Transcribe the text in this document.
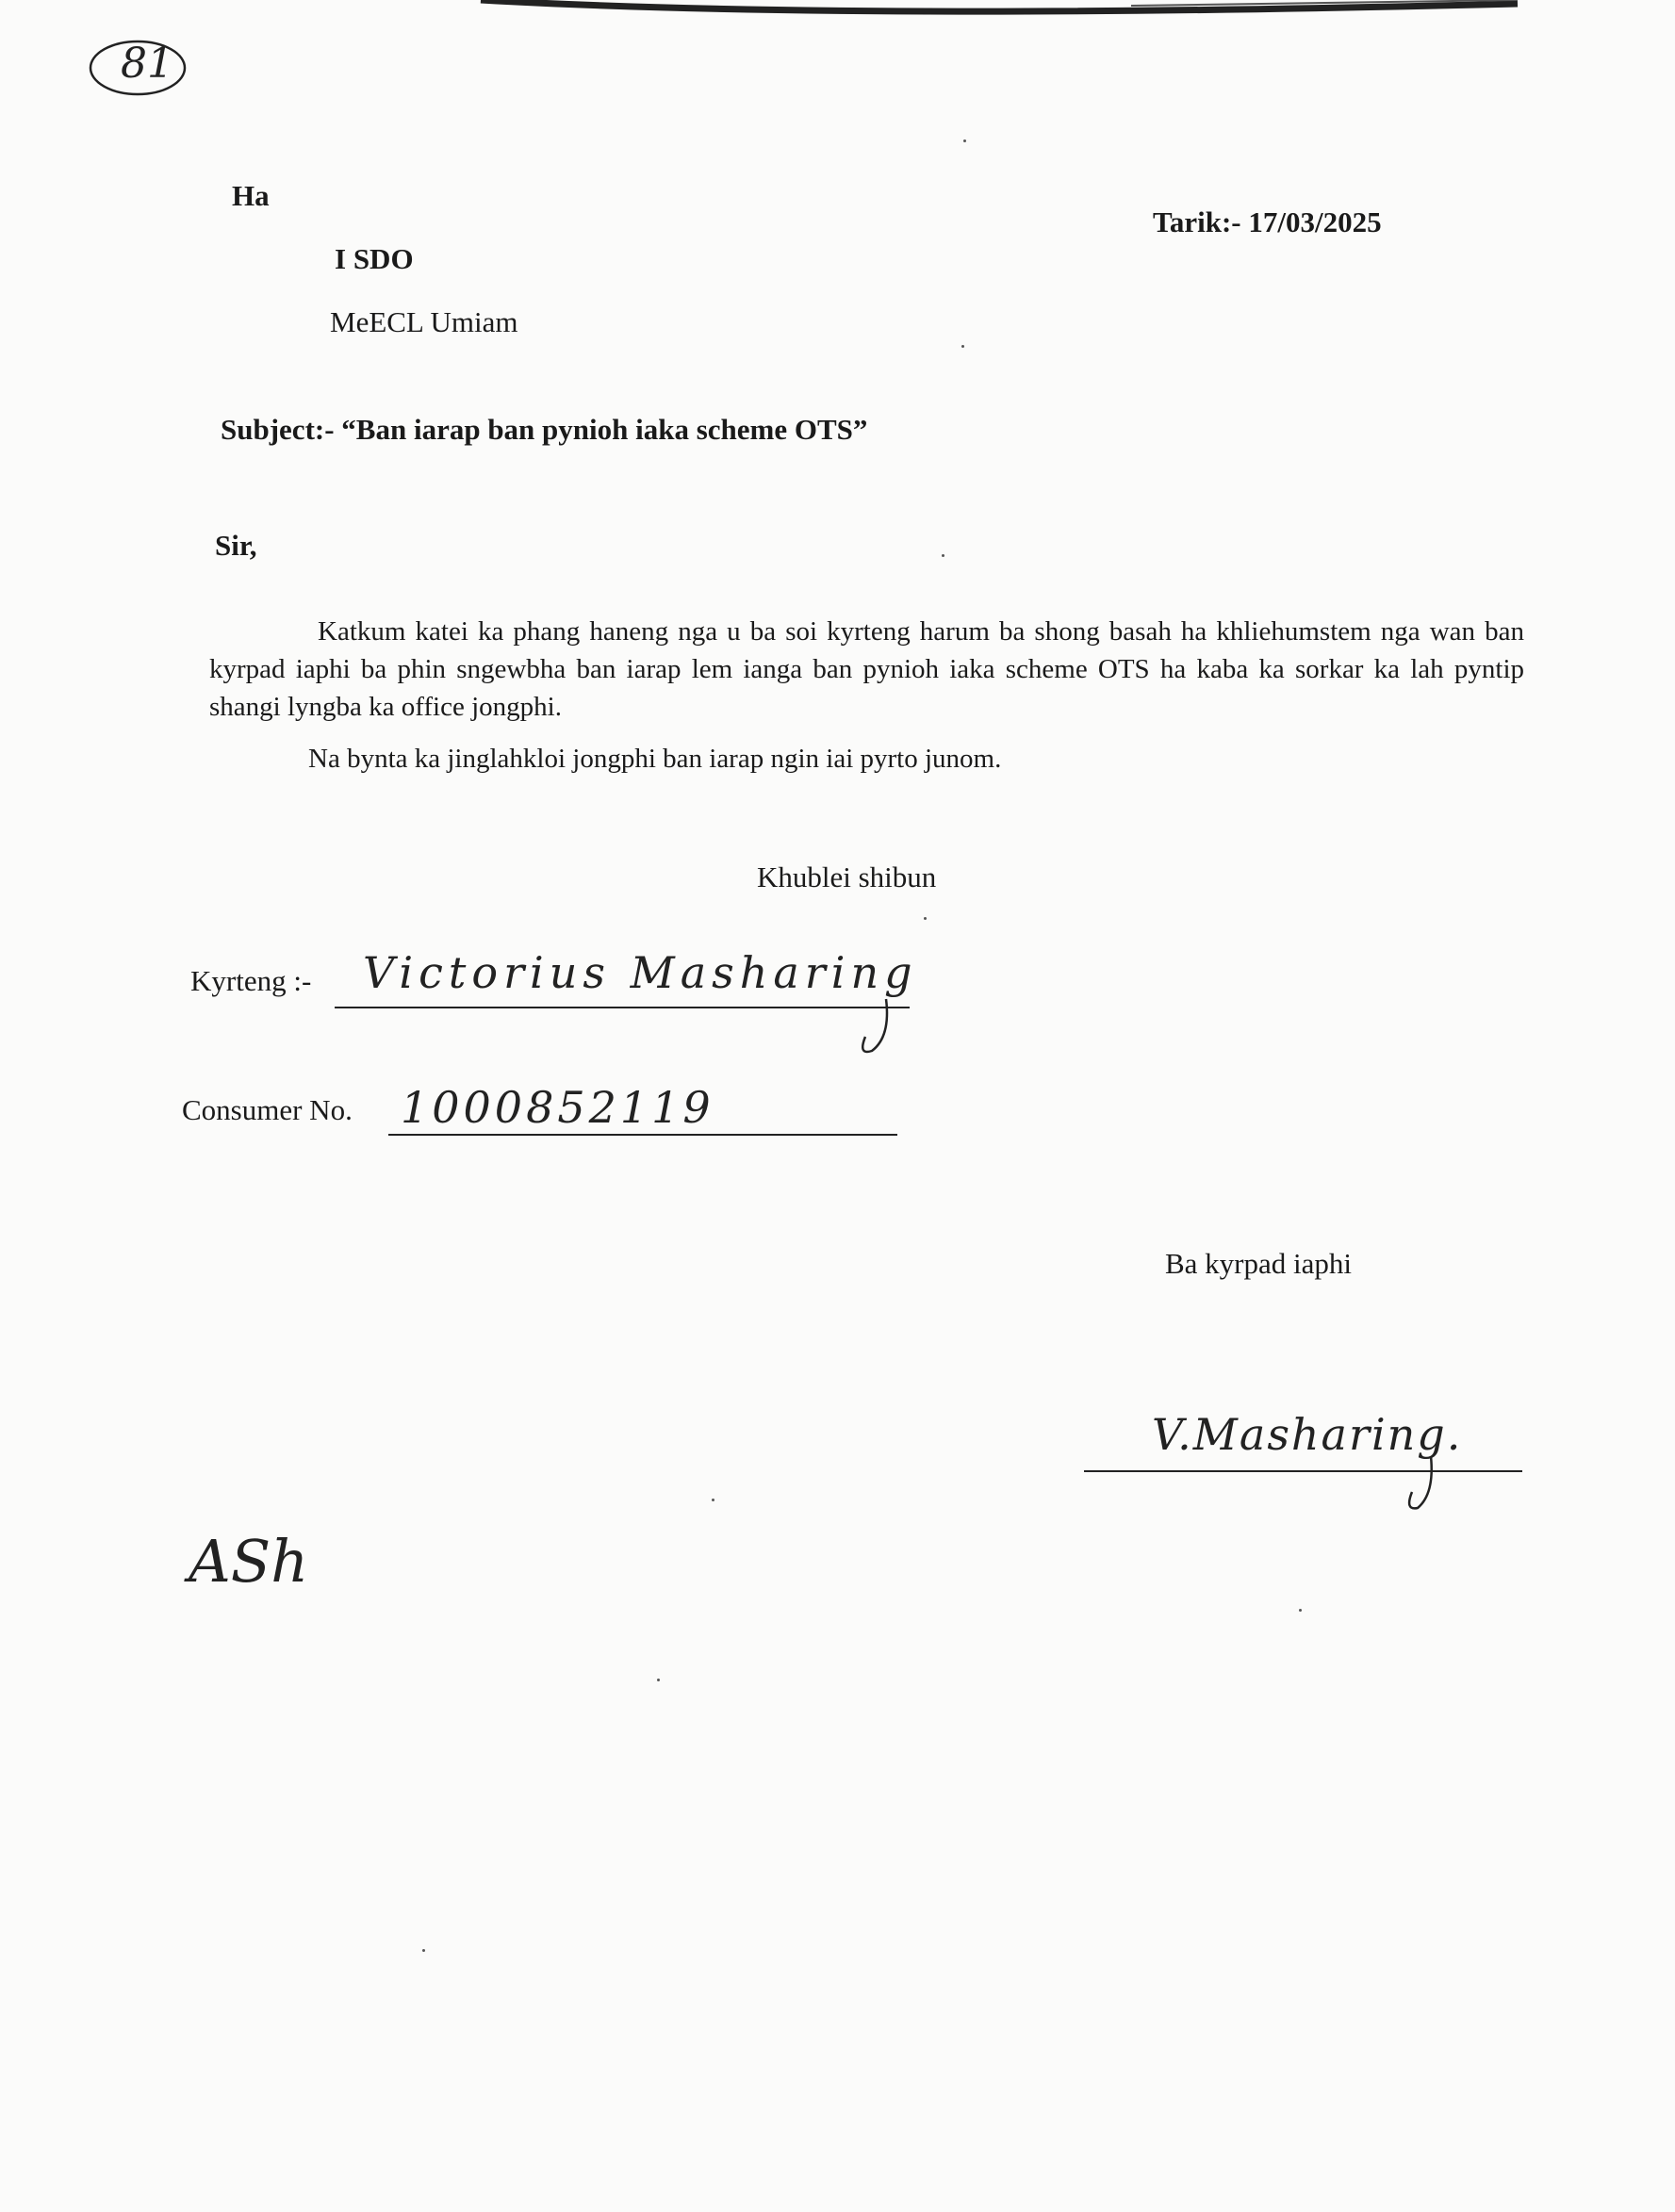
81
Ha
I SDO
MeECL Umiam
Tarik:- 17/03/2025
Subject:- “Ban iarap ban pynioh iaka scheme OTS”
Sir,
Katkum katei ka phang haneng nga u ba soi kyrteng harum ba shong basah ha khliehumstem nga wan ban kyrpad iaphi ba phin sngewbha ban iarap lem ianga ban pynioh iaka scheme OTS ha kaba ka sorkar ka lah pyntip shangi lyngba ka office jongphi.
Na bynta ka jinglahkloi jongphi ban iarap ngin iai pyrto junom.
Khublei shibun
Kyrteng :- Victorius Masharing
Consumer No. 1000852119
Ba kyrpad iaphi
V.Masharing.
ASh
